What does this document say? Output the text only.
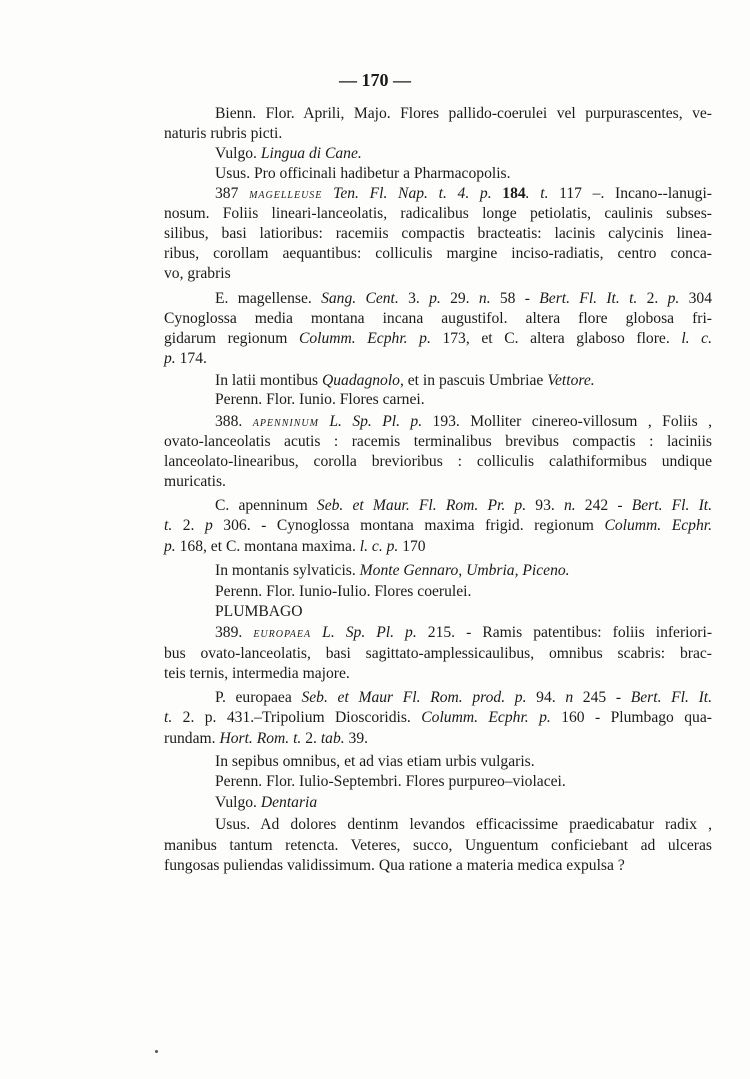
— 170 —
Bienn. Flor. Aprili, Majo. Flores pallido-coerulei vel purpurascentes, ve-
naturis rubris picti.
Vulgo. Lingua di Cane.
Usus. Pro officinali hadibetur a Pharmacopolis.
387 MAGELLEUSE Ten. Fl. Nap. t. 4. p. 184. t. 117 –. Incano--lanugi-
nosum. Foliis lineari-lanceolatis, radicalibus longe petiolatis, caulinis subses-
silibus, basi latioribus: racemiis compactis bracteatis: lacinis calycinis linea-
ribus, corollam aequantibus: colliculis margine inciso-radiatis, centro conca-
vo, grabris
E. magellense. Sang. Cent. 3. p. 29. n. 58 - Bert. Fl. It. t. 2. p. 304
Cynoglossa media montana incana augustifol. altera flore globosa fri-
gidarum regionum Columm. Ecphr. p. 173, et C. altera glaboso flore. l. c.
p. 174.
In latii montibus Quadagnolo, et in pascuis Umbriae Vettore.
Perenn. Flor. Iunio. Flores carnei.
388. APENNINUM L. Sp. Pl. p. 193. Molliter cinereo-villosum , Foliis ,
ovato-lanceolatis acutis : racemis terminalibus brevibus compactis : laciniis
lanceolato-linearibus, corolla brevioribus : colliculis calathiformibus undique
muricatis.
C. apenninum Seb. et Maur. Fl. Rom. Pr. p. 93. n. 242 - Bert. Fl. It.
t. 2. p 306. - Cynoglossa montana maxima frigid. regionum Columm. Ecphr.
p. 168, et C. montana maxima. l. c. p. 170
In montanis sylvaticis. Monte Gennaro, Umbria, Piceno.
Perenn. Flor. Iunio-Iulio. Flores coerulei.
PLUMBAGO
389. EUROPAEA L. Sp. Pl. p. 215. - Ramis patentibus: foliis inferiori-
bus ovato-lanceolatis, basi sagittato-amplessicaulibus, omnibus scabris: brac-
teis ternis, intermedia majore.
P. europaea Seb. et Maur Fl. Rom. prod. p. 94. n 245 - Bert. Fl. It.
t. 2. p. 431.–Tripolium Dioscoridis. Columm. Ecphr. p. 160 - Plumbago qua-
rundam. Hort. Rom. t. 2. tab. 39.
In sepibus omnibus, et ad vias etiam urbis vulgaris.
Perenn. Flor. Iulio-Septembri. Flores purpureo–violacei.
Vulgo. Dentaria
Usus. Ad dolores dentinm levandos efficacissime praedicabatur radix ,
manibus tantum retencta. Veteres, succo, Unguentum conficiebant ad ulceras
fungosas puliendas validissimum. Qua ratione a materia medica expulsa ?
